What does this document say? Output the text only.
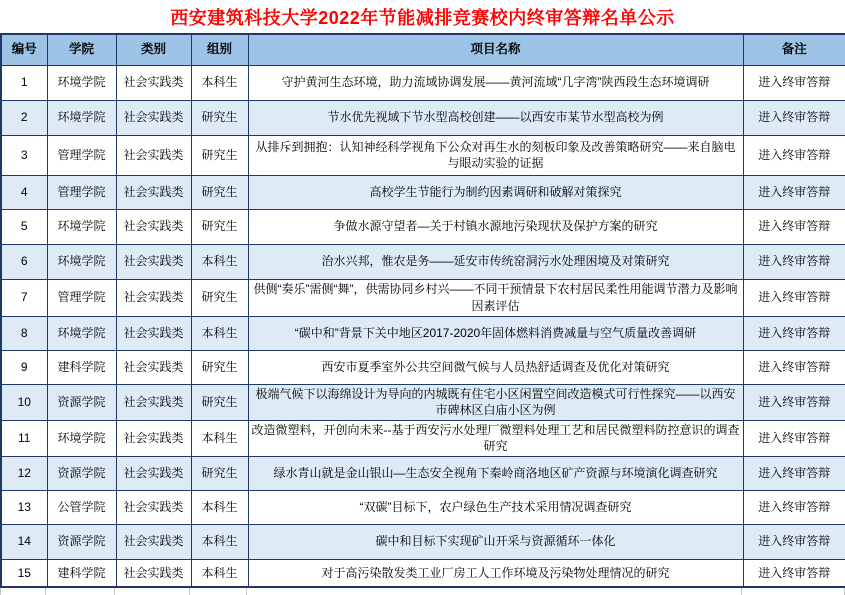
西安建筑科技大学2022年节能减排竞赛校内终审答辩名单公示
编号	学院	类别	组别	项目名称	备注
1	环境学院	社会实践类	本科生	守护黄河生态环境，助力流域协调发展——黄河流域“几字湾”陕西段生态环境调研	进入终审答辩
2	环境学院	社会实践类	研究生	节水优先视域下节水型高校创建——以西安市某节水型高校为例	进入终审答辩
3	管理学院	社会实践类	研究生	从排斥到拥抱：认知神经科学视角下公众对再生水的刻板印象及改善策略研究——来自脑电与眼动实验的证据	进入终审答辩
4	管理学院	社会实践类	研究生	高校学生节能行为制约因素调研和破解对策探究	进入终审答辩
5	环境学院	社会实践类	研究生	争做水源守望者—关于村镇水源地污染现状及保护方案的研究	进入终审答辩
6	环境学院	社会实践类	本科生	治水兴邦，惟农是务——延安市传统窑洞污水处理困境及对策研究	进入终审答辩
7	管理学院	社会实践类	研究生	供侧“奏乐”需侧“舞”，供需协同乡村兴——不同干预情景下农村居民柔性用能调节潜力及影响因素评估	进入终审答辩
8	环境学院	社会实践类	本科生	“碳中和”背景下关中地区2017-2020年固体燃料消费减量与空气质量改善调研	进入终审答辩
9	建科学院	社会实践类	研究生	西安市夏季室外公共空间微气候与人员热舒适调查及优化对策研究	进入终审答辩
10	资源学院	社会实践类	研究生	极端气候下以海绵设计为导向的内城既有住宅小区闲置空间改造模式可行性探究——以西安市碑林区白庙小区为例	进入终审答辩
11	环境学院	社会实践类	本科生	改造微塑料，开创向未来--基于西安污水处理厂微塑料处理工艺和居民微塑料防控意识的调查研究	进入终审答辩
12	资源学院	社会实践类	研究生	绿水青山就是金山银山—生态安全视角下秦岭商洛地区矿产资源与环境演化调查研究	进入终审答辩
13	公管学院	社会实践类	本科生	“双碳”目标下，农户绿色生产技术采用情况调查研究	进入终审答辩
14	资源学院	社会实践类	本科生	碳中和目标下实现矿山开采与资源循环一体化	进入终审答辩
15	建科学院	社会实践类	本科生	对于高污染散发类工业厂房工人工作环境及污染物处理情况的研究	进入终审答辩
